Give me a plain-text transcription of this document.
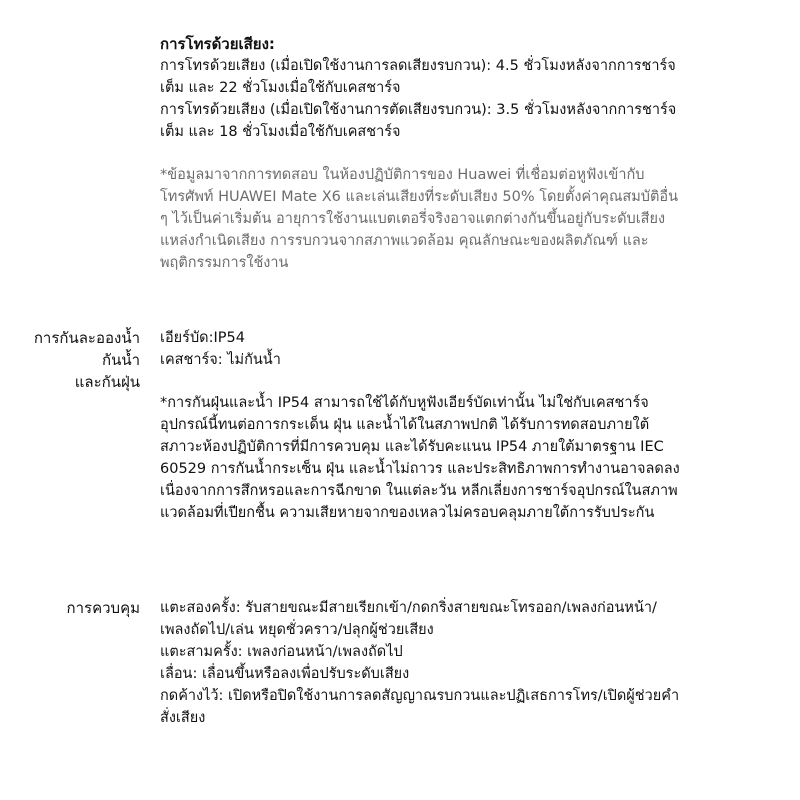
การโทรด้วยเสียง:
การโทรด้วยเสียง (เมื่อเปิดใช้งานการลดเสียงรบกวน): 4.5 ชั่วโมงหลังจากการชาร์จ
เต็ม และ 22 ชั่วโมงเมื่อใช้กับเคสชาร์จ
การโทรด้วยเสียง (เมื่อเปิดใช้งานการตัดเสียงรบกวน): 3.5 ชั่วโมงหลังจากการชาร์จ
เต็ม และ 18 ชั่วโมงเมื่อใช้กับเคสชาร์จ
*ข้อมูลมาจากการทดสอบ ในห้องปฏิบัติการของ Huawei ที่เชื่อมต่อหูฟังเข้ากับ
โทรศัพท์ HUAWEI Mate X6 และเล่นเสียงที่ระดับเสียง 50% โดยตั้งค่าคุณสมบัติอื่น
ๆ ไว้เป็นค่าเริ่มต้น อายุการใช้งานแบตเตอรี่จริงอาจแตกต่างกันขึ้นอยู่กับระดับเสียง
แหล่งกำเนิดเสียง การรบกวนจากสภาพแวดล้อม คุณลักษณะของผลิตภัณฑ์ และ
พฤติกรรมการใช้งาน
การกันละอองน้ำ
กันน้ำ
และกันฝุ่น
เอียร์บัด:IP54
เคสชาร์จ: ไม่กันน้ำ
*การกันฝุ่นและน้ำ IP54 สามารถใช้ได้กับหูฟังเอียร์บัดเท่านั้น ไม่ใช่กับเคสชาร์จ
อุปกรณ์นี้ทนต่อการกระเด็น ฝุ่น และน้ำได้ในสภาพปกติ ได้รับการทดสอบภายใต้
สภาวะห้องปฏิบัติการที่มีการควบคุม และได้รับคะแนน IP54 ภายใต้มาตรฐาน IEC
60529 การกันน้ำกระเซ็น ฝุ่น และน้ำไม่ถาวร และประสิทธิภาพการทำงานอาจลดลง
เนื่องจากการสึกหรอและการฉีกขาด ในแต่ละวัน หลีกเลี่ยงการชาร์จอุปกรณ์ในสภาพ
แวดล้อมที่เปียกชื้น ความเสียหายจากของเหลวไม่ครอบคลุมภายใต้การรับประกัน
การควบคุม แตะสองครั้ง: รับสายขณะมีสายเรียกเข้า/กดกริ่งสายขณะโทรออก/เพลงก่อนหน้า/
เพลงถัดไป/เล่น หยุดชั่วคราว/ปลุกผู้ช่วยเสียง
แตะสามครั้ง: เพลงก่อนหน้า/เพลงถัดไป
เลื่อน: เลื่อนขึ้นหรือลงเพื่อปรับระดับเสียง
กดค้างไว้: เปิดหรือปิดใช้งานการลดสัญญาณรบกวนและปฏิเสธการโทร/เปิดผู้ช่วยคำ
สั่งเสียง
